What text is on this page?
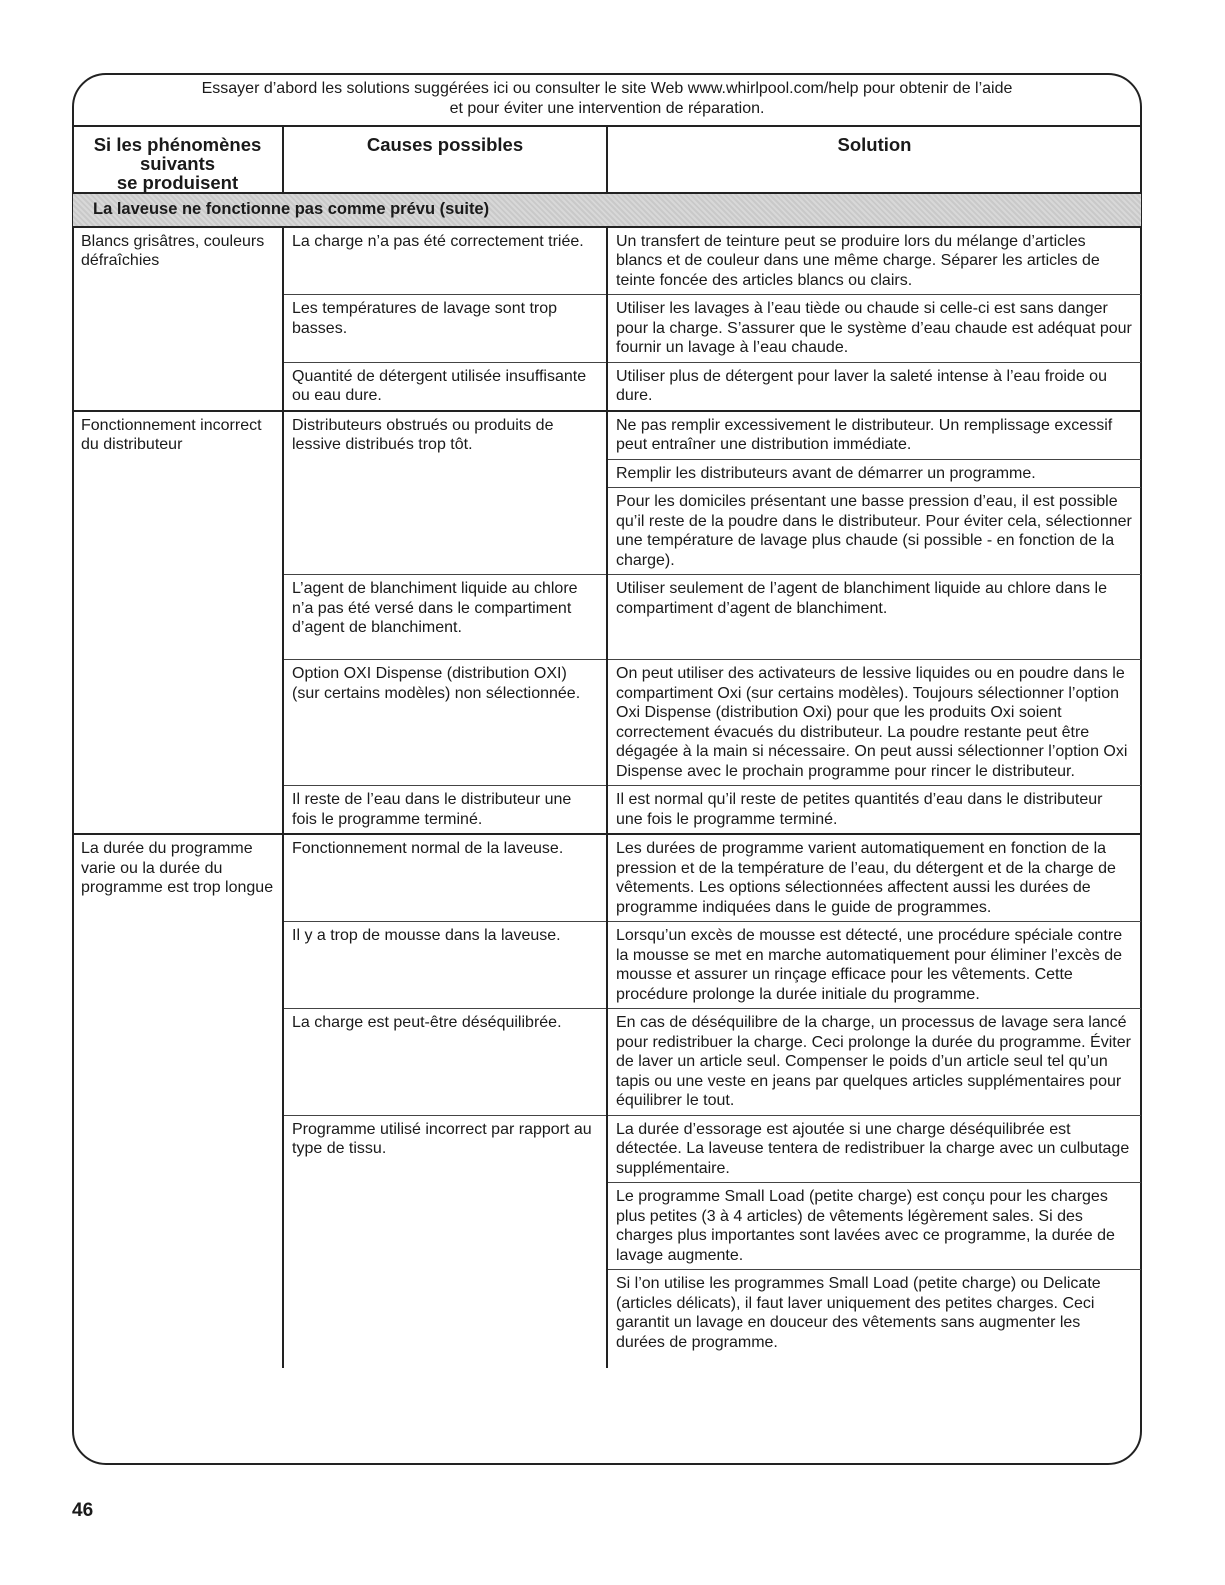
Essayer d’abord les solutions suggérées ici ou consulter le site Web www.whirlpool.com/help pour obtenir de l’aide
et pour éviter une intervention de réparation.
Si les phénomènes
suivants
se produisent	Causes possibles	Solution
La laveuse ne fonctionne pas comme prévu (suite)		
Blancs grisâtres, couleurs défraîchies	La charge n’a pas été correctement triée.	Un transfert de teinture peut se produire lors du mélange d’articles blancs et de couleur dans une même charge. Séparer les articles de teinte foncée des articles blancs ou clairs.
	Les températures de lavage sont trop basses.	Utiliser les lavages à l’eau tiède ou chaude si celle-ci est sans danger pour la charge. S’assurer que le système d’eau chaude est adéquat pour fournir un lavage à l’eau chaude.
	Quantité de détergent utilisée insuffisante ou eau dure.	Utiliser plus de détergent pour laver la saleté intense à l’eau froide ou dure.
Fonctionnement incorrect du distributeur	Distributeurs obstrués ou produits de lessive distribués trop tôt.	Ne pas remplir excessivement le distributeur. Un remplissage excessif peut entraîner une distribution immédiate.
		Remplir les distributeurs avant de démarrer un programme.
		Pour les domiciles présentant une basse pression d’eau, il est possible qu’il reste de la poudre dans le distributeur. Pour éviter cela, sélectionner une température de lavage plus chaude (si possible - en fonction de la charge).
	L’agent de blanchiment liquide au chlore n’a pas été versé dans le compartiment d’agent de blanchiment.	Utiliser seulement de l’agent de blanchiment liquide au chlore dans le compartiment d’agent de blanchiment.
	Option OXI Dispense (distribution OXI) (sur certains modèles) non sélectionnée.	On peut utiliser des activateurs de lessive liquides ou en poudre dans le compartiment Oxi (sur certains modèles). Toujours sélectionner l’option Oxi Dispense (distribution Oxi) pour que les produits Oxi soient correctement évacués du distributeur. La poudre restante peut être dégagée à la main si nécessaire. On peut aussi sélectionner l’option Oxi Dispense avec le prochain programme pour rincer le distributeur.
	Il reste de l’eau dans le distributeur une fois le programme terminé.	Il est normal qu’il reste de petites quantités d’eau dans le distributeur une fois le programme terminé.
La durée du programme varie ou la durée du programme est trop longue	Fonctionnement normal de la laveuse.	Les durées de programme varient automatiquement en fonction de la pression et de la température de l’eau, du détergent et de la charge de vêtements. Les options sélectionnées affectent aussi les durées de programme indiquées dans le guide de programmes.
	Il y a trop de mousse dans la laveuse.	Lorsqu’un excès de mousse est détecté, une procédure spéciale contre la mousse se met en marche automatiquement pour éliminer l’excès de mousse et assurer un rinçage efficace pour les vêtements. Cette procédure prolonge la durée initiale du programme.
	La charge est peut-être déséquilibrée.	En cas de déséquilibre de la charge, un processus de lavage sera lancé pour redistribuer la charge. Ceci prolonge la durée du programme. Éviter de laver un article seul. Compenser le poids d’un article seul tel qu’un tapis ou une veste en jeans par quelques articles supplémentaires pour équilibrer le tout.
	Programme utilisé incorrect par rapport au type de tissu.	La durée d’essorage est ajoutée si une charge déséquilibrée est détectée. La laveuse tentera de redistribuer la charge avec un culbutage supplémentaire.
		Le programme Small Load (petite charge) est conçu pour les charges plus petites (3 à 4 articles) de vêtements légèrement sales. Si des charges plus importantes sont lavées avec ce programme, la durée de lavage augmente.
		Si l’on utilise les programmes Small Load (petite charge) ou Delicate (articles délicats), il faut laver uniquement des petites charges. Ceci garantit un lavage en douceur des vêtements sans augmenter les durées de programme.
46
